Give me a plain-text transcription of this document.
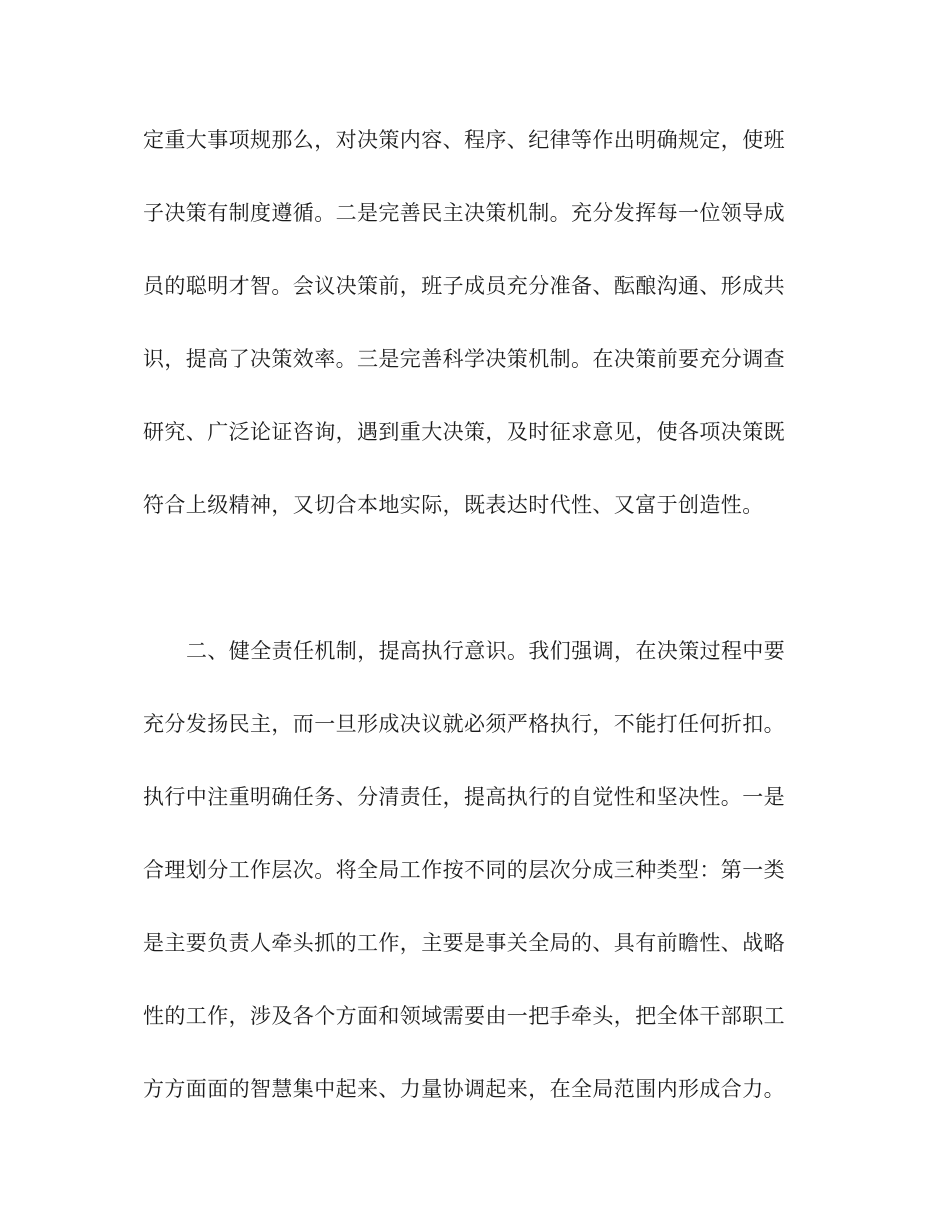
定重大事项规那么，对决策内容、程序、纪律等作出明确规定，使班
子决策有制度遵循。二是完善民主决策机制。充分发挥每一位领导成
员的聪明才智。会议决策前，班子成员充分准备、酝酿沟通、形成共
识，提高了决策效率。三是完善科学决策机制。在决策前要充分调查
研究、广泛论证咨询，遇到重大决策，及时征求意见，使各项决策既
符合上级精神，又切合本地实际，既表达时代性、又富于创造性。
二、健全责任机制，提高执行意识。我们强调，在决策过程中要
充分发扬民主，而一旦形成决议就必须严格执行，不能打任何折扣。
执行中注重明确任务、分清责任，提高执行的自觉性和坚决性。一是
合理划分工作层次。将全局工作按不同的层次分成三种类型：第一类
是主要负责人牵头抓的工作，主要是事关全局的、具有前瞻性、战略
性的工作，涉及各个方面和领域需要由一把手牵头，把全体干部职工
方方面面的智慧集中起来、力量协调起来，在全局范围内形成合力。
